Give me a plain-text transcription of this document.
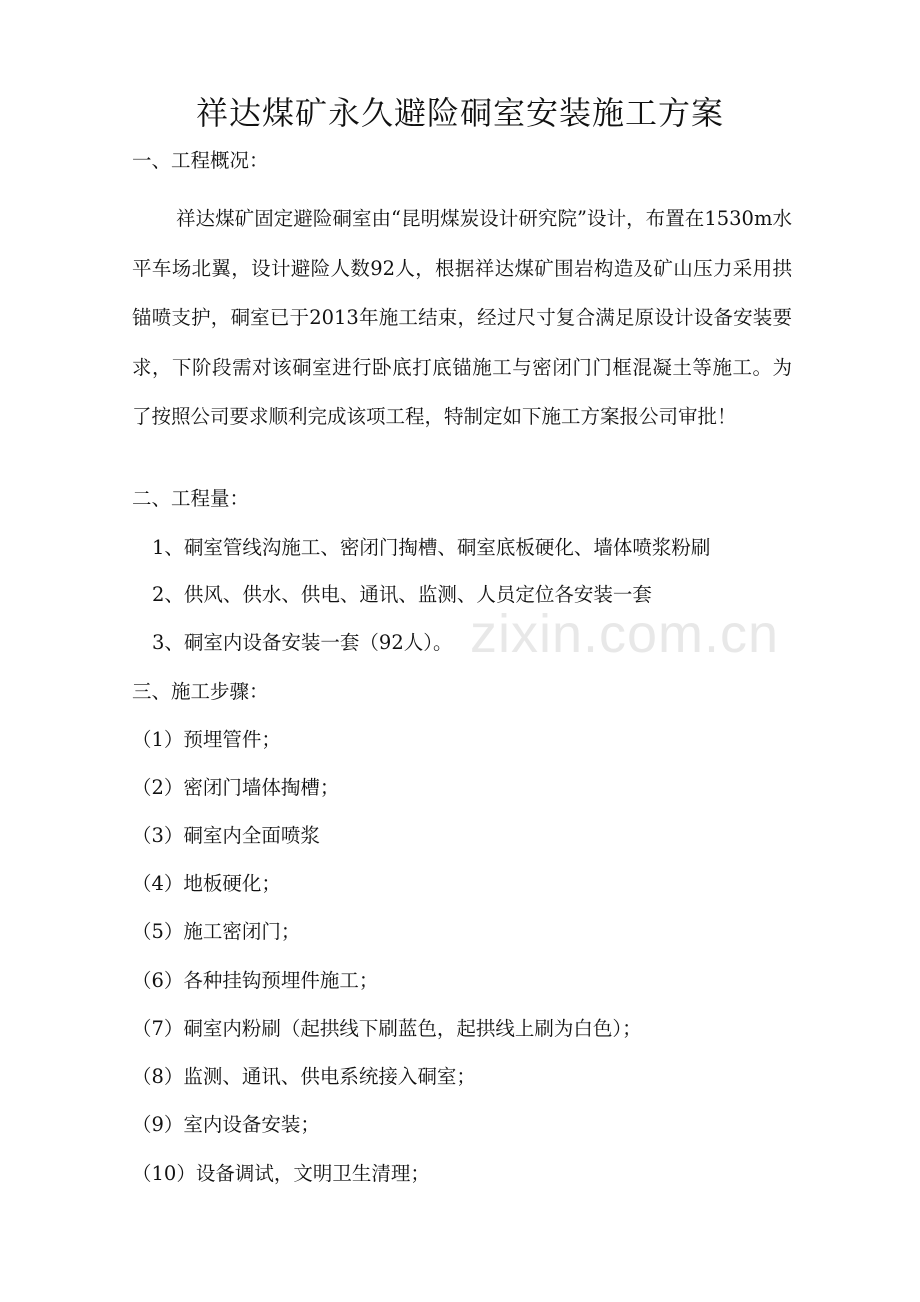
祥达煤矿永久避险硐室安装施工方案
一、工程概况：
祥达煤矿固定避险硐室由“昆明煤炭设计研究院”设计，布置在1530m水平车场北翼，设计避险人数92人，根据祥达煤矿围岩构造及矿山压力采用拱锚喷支护，硐室已于2013年施工结束，经过尺寸复合满足原设计设备安装要求，下阶段需对该硐室进行卧底打底锚施工与密闭门门框混凝土等施工。为了按照公司要求顺利完成该项工程，特制定如下施工方案报公司审批！
二、工程量：
1、硐室管线沟施工、密闭门掏槽、硐室底板硬化、墙体喷浆粉刷
2、供风、供水、供电、通讯、监测、人员定位各安装一套
3、硐室内设备安装一套（92人）。
三、施工步骤：
（1）预埋管件；
（2）密闭门墙体掏槽；
（3）硐室内全面喷浆
（4）地板硬化；
（5）施工密闭门；
（6）各种挂钩预埋件施工；
（7）硐室内粉刷（起拱线下刷蓝色，起拱线上刷为白色）；
（8）监测、通讯、供电系统接入硐室；
（9）室内设备安装；
（10）设备调试，文明卫生清理；
zixin.com.cn
